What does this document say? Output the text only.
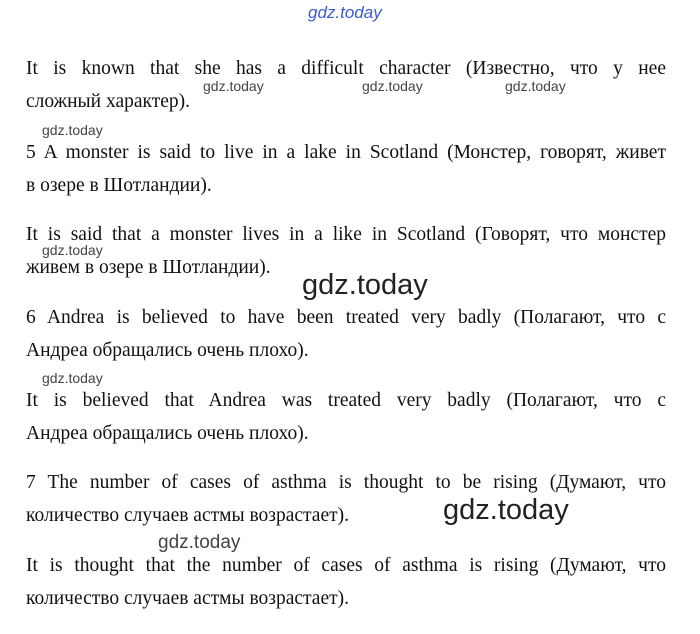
gdz.today
It is known that she has a difficult character (Известно, что у нее
сложный характер).
gdz.today	gdz.today	gdz.today
gdz.today
5 A monster is said to live in a lake in Scotland (Монстер, говорят, живет
в озере в Шотландии).
It is said that a monster lives in a like in Scotland (Говорят, что монстер
живем в озере в Шотландии).
gdz.today
gdz.today
6 Andrea is believed to have been treated very badly (Полагают, что с
Андреа обращались очень плохо).
gdz.today
It is believed that Andrea was treated very badly (Полагают, что с
Андреа обращались очень плохо).
7 The number of cases of asthma is thought to be rising (Думают, что
количество случаев астмы возрастает).	gdz.today
gdz.today
It is thought that the number of cases of asthma is rising (Думают, что
количество случаев астмы возрастает).
